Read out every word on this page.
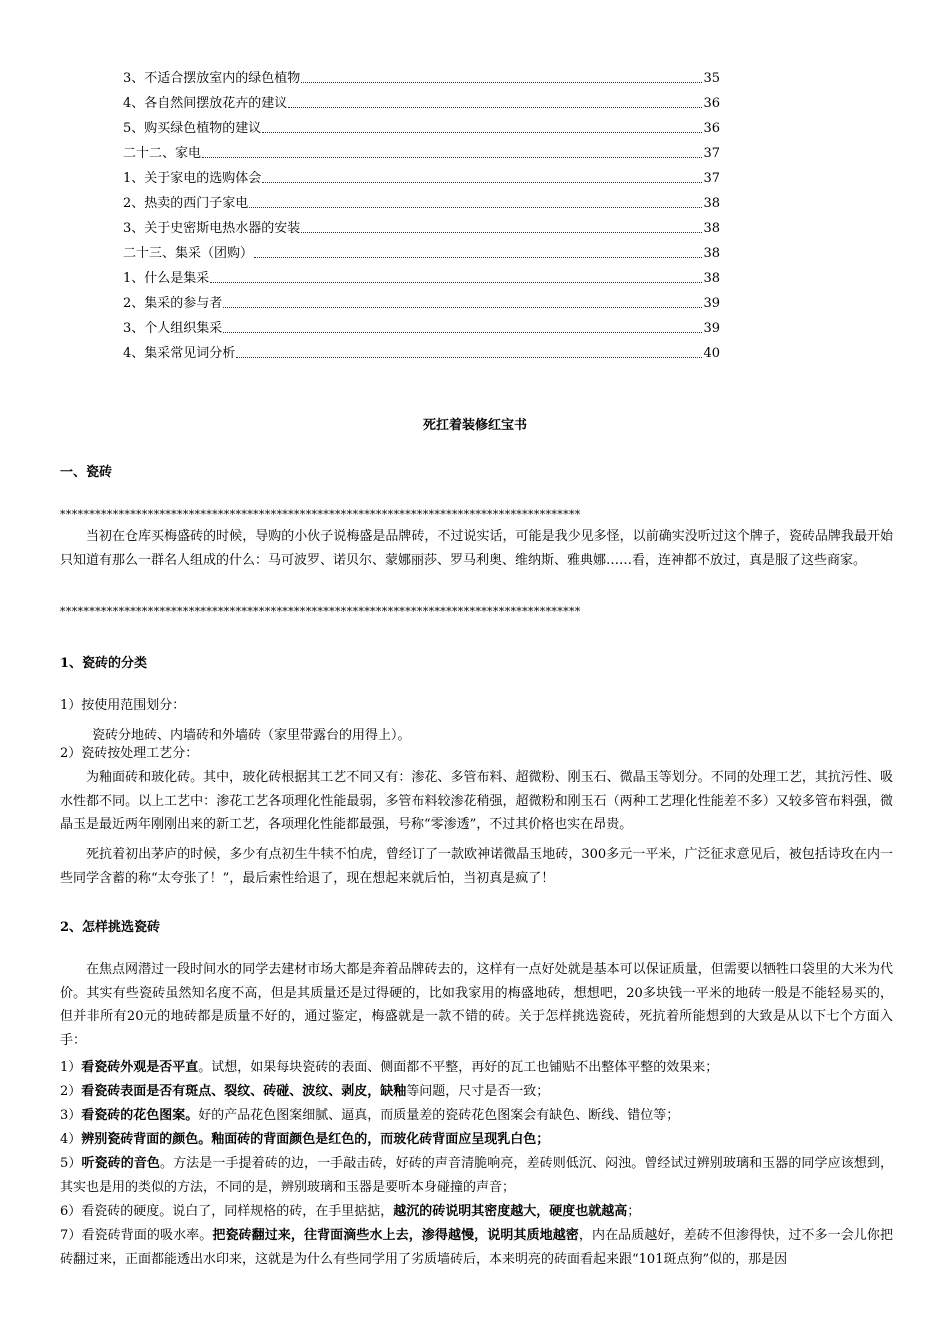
3、不适合摆放室内的绿色植物	35
4、各自然间摆放花卉的建议	36
5、购买绿色植物的建议	36
二十二、家电	37
1、关于家电的选购体会	37
2、热卖的西门子家电	38
3、关于史密斯电热水器的安装	38
二十三、集采（团购）	38
1、什么是集采	38
2、集采的参与者	39
3、个人组织集采	39
4、集采常见词分析	40
死扛着装修红宝书
一、瓷砖
*****************************************************************************************
当初在仓库买梅盛砖的时候，导购的小伙子说梅盛是品牌砖，不过说实话，可能是我少见多怪，以前确实没听过这个牌子，瓷砖品牌我最开始只知道有那么一群名人组成的什么：马可波罗、诺贝尔、蒙娜丽莎、罗马利奥、维纳斯、雅典娜……看，连神都不放过，真是服了这些商家。
*****************************************************************************************
1、瓷砖的分类
1）按使用范围划分：
瓷砖分地砖、内墙砖和外墙砖（家里带露台的用得上）。
2）瓷砖按处理工艺分：
为釉面砖和玻化砖。其中，玻化砖根据其工艺不同又有：渗花、多管布料、超微粉、刚玉石、微晶玉等划分。不同的处理工艺，其抗污性、吸水性都不同。以上工艺中：渗花工艺各项理化性能最弱，多管布料较渗花稍强，超微粉和刚玉石（两种工艺理化性能差不多）又较多管布料强，微晶玉是最近两年刚刚出来的新工艺，各项理化性能都最强，号称“零渗透”，不过其价格也实在昂贵。
死抗着初出茅庐的时候，多少有点初生牛犊不怕虎，曾经订了一款欧神诺微晶玉地砖，300多元一平米，广泛征求意见后，被包括诗玫在内一些同学含蓄的称“太夸张了！”，最后索性给退了，现在想起来就后怕，当初真是疯了！
2、怎样挑选瓷砖
在焦点网潜过一段时间水的同学去建材市场大都是奔着品牌砖去的，这样有一点好处就是基本可以保证质量，但需要以牺牲口袋里的大米为代价。其实有些瓷砖虽然知名度不高，但是其质量还是过得硬的，比如我家用的梅盛地砖，想想吧，20多块钱一平米的地砖一般是不能轻易买的，但并非所有20元的地砖都是质量不好的，通过鉴定，梅盛就是一款不错的砖。关于怎样挑选瓷砖，死抗着所能想到的大致是从以下七个方面入手：
1）看瓷砖外观是否平直。试想，如果每块瓷砖的表面、侧面都不平整，再好的瓦工也铺贴不出整体平整的效果来；
2）看瓷砖表面是否有斑点、裂纹、砖碰、波纹、剥皮，缺釉等问题，尺寸是否一致；
3）看瓷砖的花色图案。好的产品花色图案细腻、逼真，而质量差的瓷砖花色图案会有缺色、断线、错位等；
4）辨别瓷砖背面的颜色。釉面砖的背面颜色是红色的，而玻化砖背面应呈现乳白色；
5）听瓷砖的音色。方法是一手提着砖的边，一手敲击砖，好砖的声音清脆响亮，差砖则低沉、闷浊。曾经试过辨别玻璃和玉器的同学应该想到，其实也是用的类似的方法，不同的是，辨别玻璃和玉器是要听本身碰撞的声音；
6）看瓷砖的硬度。说白了，同样规格的砖，在手里掂掂，越沉的砖说明其密度越大，硬度也就越高；
7）看瓷砖背面的吸水率。把瓷砖翻过来，往背面滴些水上去，渗得越慢，说明其质地越密，内在品质越好，差砖不但渗得快，过不多一会儿你把砖翻过来，正面都能透出水印来，这就是为什么有些同学用了劣质墙砖后，本来明亮的砖面看起来跟“101斑点狗”似的，那是因
